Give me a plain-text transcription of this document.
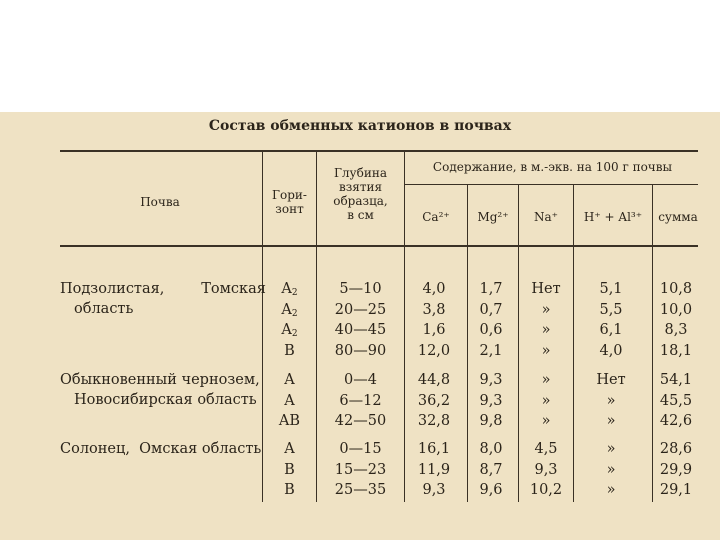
Состав обменных катионов в почвах
Почва	Гори-
зонт
Глубина
взятия
образца,
в см
Содержание, в м.-экв. на 100 г почвы
Ca²⁺	Mg²⁺	Na⁺	H⁺ + Al³⁺	сумма
Подзолистая,        Томская
область
$A_2$	5—10	4,0	1,7	Нет	5,1	10,8
$A_2$	20—25	3,8	0,7	»	5,5	10,0
$A_2$	40—45	1,6	0,6	»	6,1	8,3
B	80—90	12,0	2,1	»	4,0	18,1
Обыкновенный чернозем,
Новосибирская область
A	0—4	44,8	9,3	»	Нет	54,1
A	6—12	36,2	9,3	»	»	45,5
AB	42—50	32,8	9,8	»	»	42,6
Солонец,  Омская область	A	0—15	16,1	8,0	4,5	»	28,6
B	15—23	11,9	8,7	9,3	»	29,9
B	25—35	9,3	9,6	10,2	»	29,1
